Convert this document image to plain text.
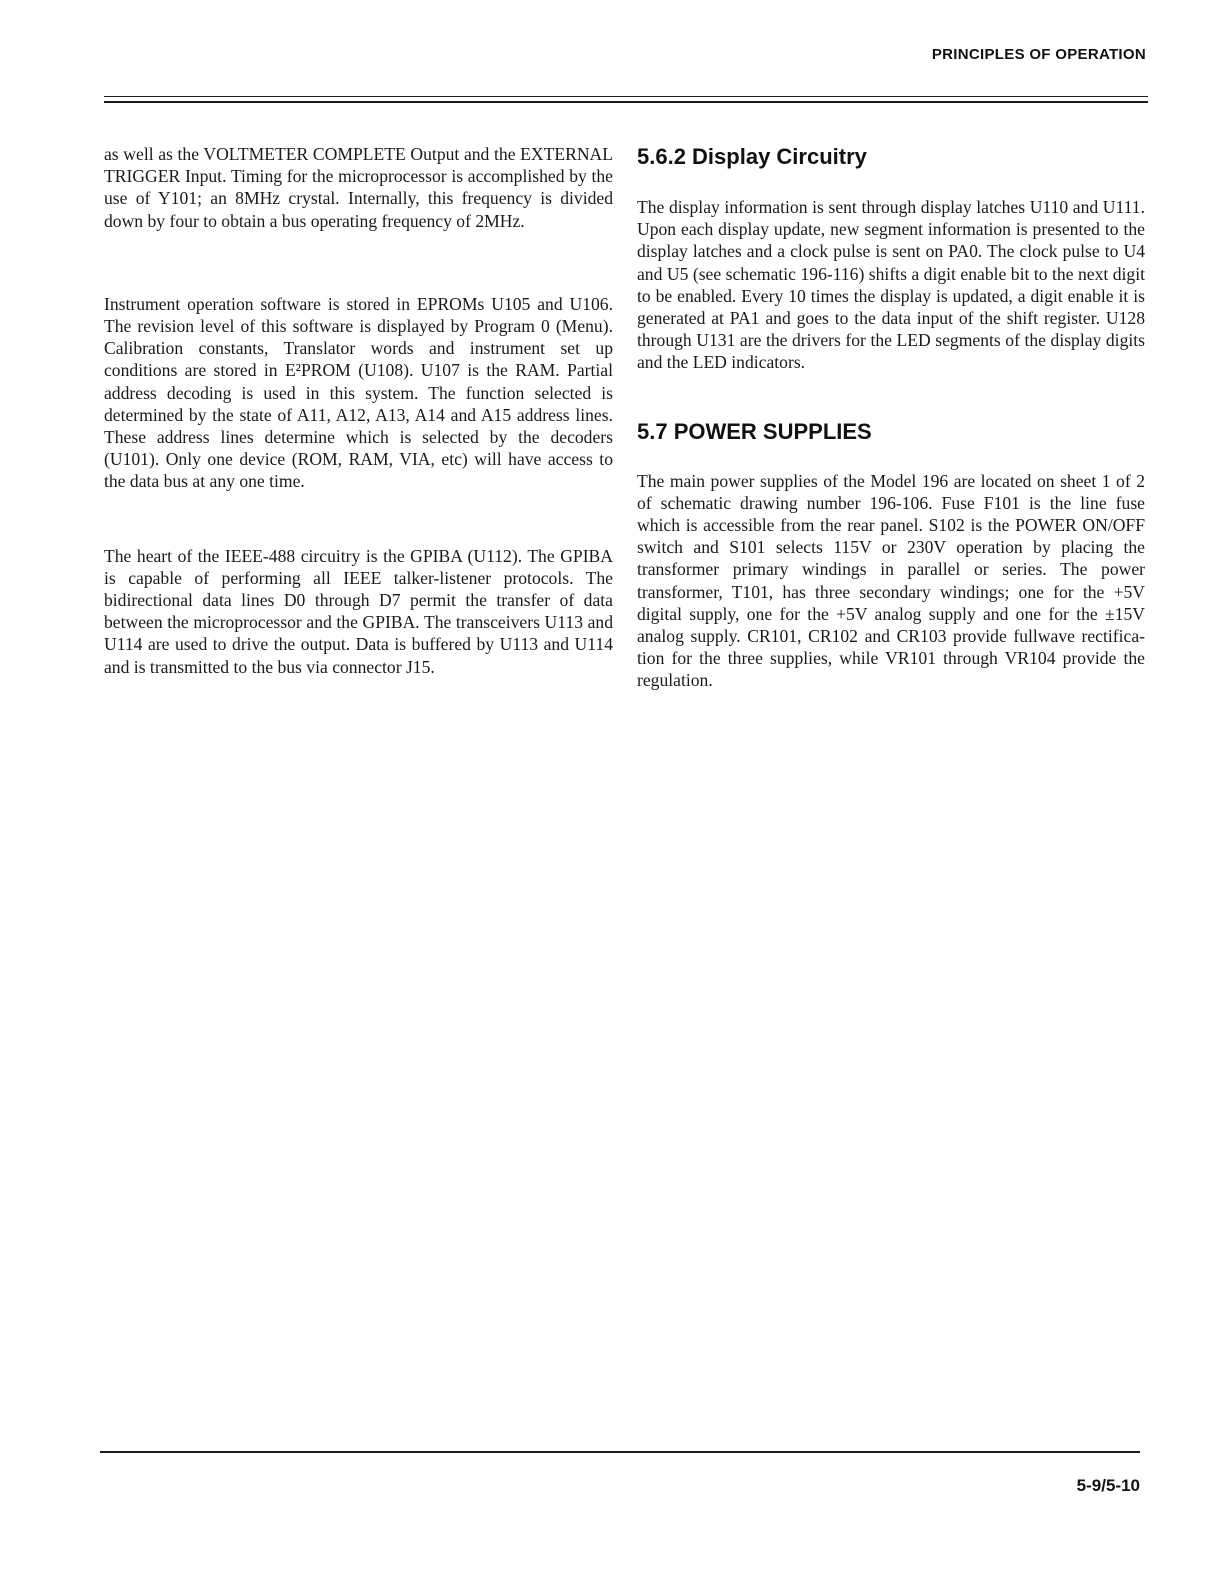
PRINCIPLES OF OPERATION

as well as the VOLTMETER COMPLETE Output and the EXTERNAL TRIGGER Input. Timing for the microprocessor is accomplished by the use of Y101; an 8MHz crystal. Internally, this frequency is divided down by four to obtain a bus operating frequency of 2MHz.

Instrument operation software is stored in EPROMs U105 and U106. The revision level of this software is displayed by Program 0 (Menu). Calibration constants, Translator words and instrument set up conditions are stored in E²PROM (U108). U107 is the RAM. Partial address decoding is used in this system. The function selected is determined by the state of A11, A12, A13, A14 and A15 address lines. These address lines determine which is selected by the decoders (U101). Only one device (ROM, RAM, VIA, etc) will have access to the data bus at any one time.

The heart of the IEEE-488 circuitry is the GPIBA (U112). The GPIBA is capable of performing all IEEE talker-listener protocols. The bidirectional data lines D0 through D7 permit the transfer of data between the microprocessor and the GPIBA. The transceivers U113 and U114 are used to drive the output. Data is buffered by U113 and U114 and is transmitted to the bus via connector J15.

5.6.2 Display Circuitry

The display information is sent through display latches U110 and U111. Upon each display update, new segment information is presented to the display latches and a clock pulse is sent on PA0. The clock pulse to U4 and U5 (see schematic 196-116) shifts a digit enable bit to the next digit to be enabled. Every 10 times the display is updated, a digit enable it is generated at PA1 and goes to the data input of the shift register. U128 through U131 are the drivers for the LED segments of the display digits and the LED indicators.

5.7 POWER SUPPLIES

The main power supplies of the Model 196 are located on sheet 1 of 2 of schematic drawing number 196-106. Fuse F101 is the line fuse which is accessible from the rear panel. S102 is the POWER ON/OFF switch and S101 selects 115V or 230V operation by placing the transformer primary windings in parallel or series. The power transformer, T101, has three secondary windings; one for the +5V digital supply, one for the +5V analog supply and one for the ±15V analog supply. CR101, CR102 and CR103 provide fullwave rectification for the three supplies, while VR101 through VR104 provide the regulation.

5-9/5-10
